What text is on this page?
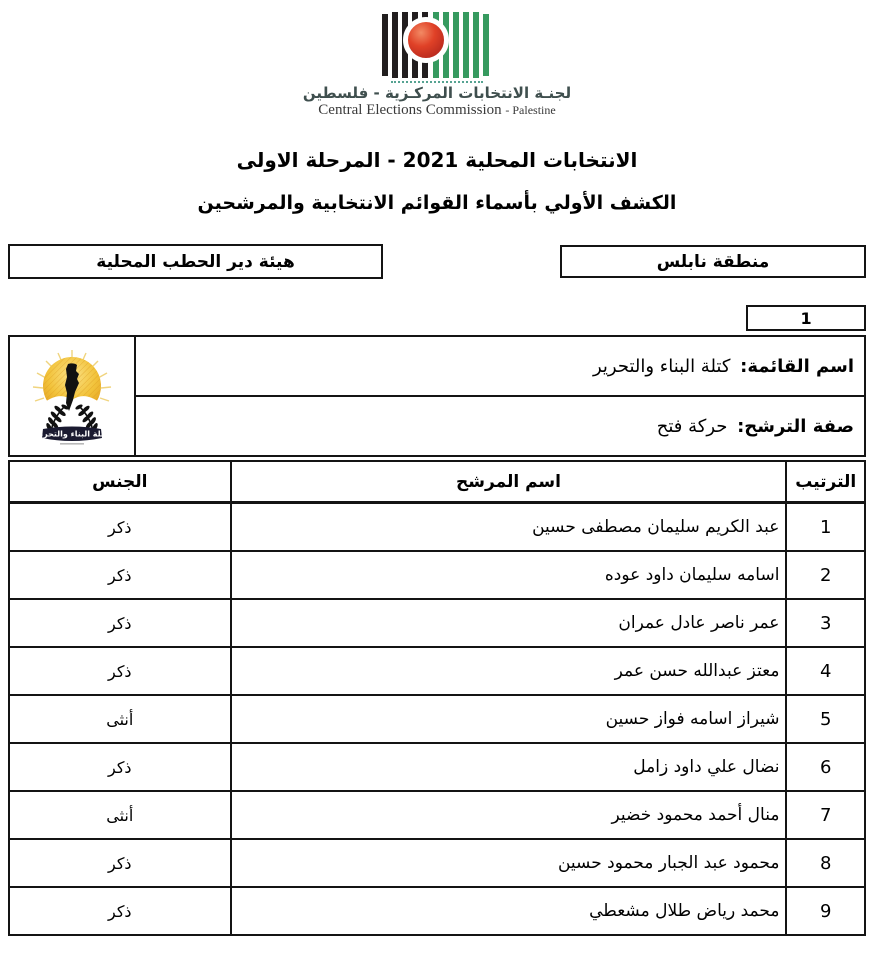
لجنـة الانتخابات المركـزية - فلسطين
Central Elections Commission - Palestine
الانتخابات المحلية 2021 - المرحلة الاولى
الكشف الأولي بأسماء القوائم الانتخابية والمرشحين
منطقة نابلس
هيئة دير الحطب المحلية
1
اسم القائمة: كتلة البناء والتحرير	
كتلة البناء والتحرير

صفة الترشح: حركة فتح
الترتيب	اسم المرشح	الجنس
1	عبد الكريم سليمان مصطفى حسين	ذكر
2	اسامه سليمان داود عوده	ذكر
3	عمر ناصر عادل عمران	ذكر
4	معتز عبدالله حسن عمر	ذكر
5	شيراز اسامه فواز حسين	أنثى
6	نضال علي داود زامل	ذكر
7	منال أحمد محمود خضير	أنثى
8	محمود عبد الجبار محمود حسين	ذكر
9	محمد رياض طلال مشعطي	ذكر
